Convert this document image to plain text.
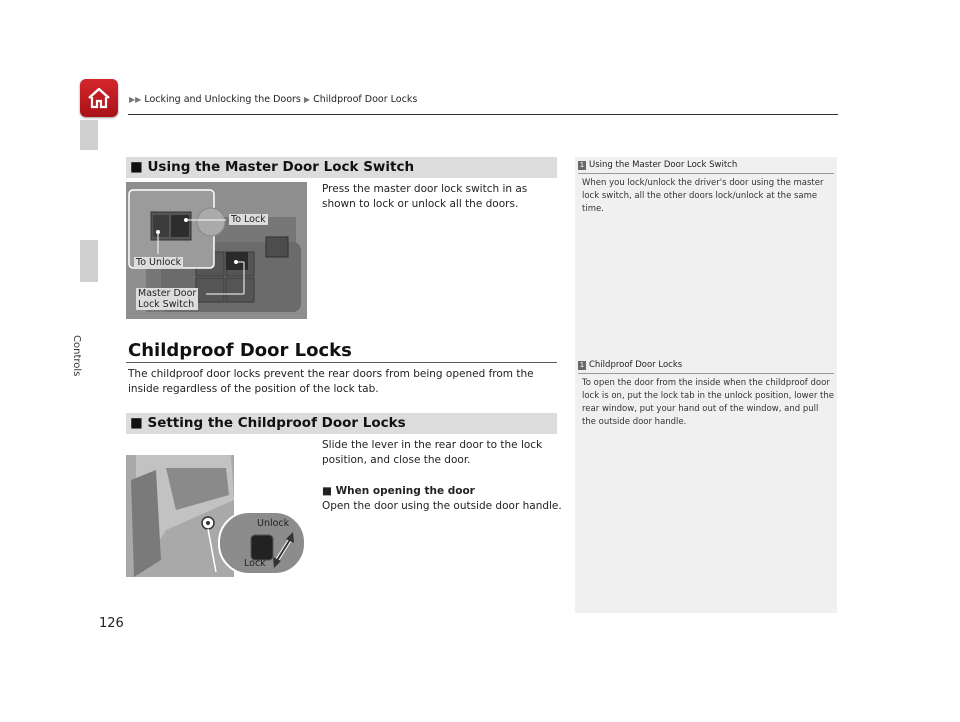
▶▶ Locking and Unlocking the Doors ▶ Childproof Door Locks
Controls
■ Using the Master Door Lock Switch
To Lock
To Unlock
Master Door
Lock Switch
Press the master door lock switch in as shown to lock or unlock all the doors.
Childproof Door Locks
The childproof door locks prevent the rear doors from being opened from the inside regardless of the position of the lock tab.
■ Setting the Childproof Door Locks
Unlock
Lock
Slide the lever in the rear door to the lock position, and close the door.
■ When opening the door
Open the door using the outside door handle.
1 Using the Master Door Lock Switch
When you lock/unlock the driver's door using the master lock switch, all the other doors lock/unlock at the same time.
1 Childproof Door Locks
To open the door from the inside when the childproof door lock is on, put the lock tab in the unlock position, lower the rear window, put your hand out of the window, and pull the outside door handle.
126
